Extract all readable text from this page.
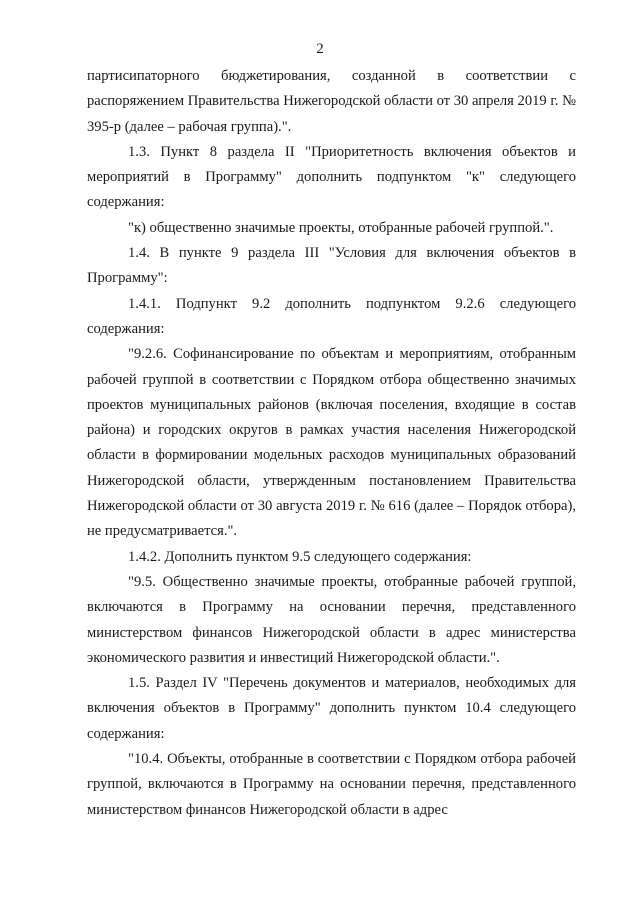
2

партисипаторного бюджетирования, созданной в соответствии с распоряжением Правительства Нижегородской области от 30 апреля 2019 г. № 395-р (далее – рабочая группа).".

1.3. Пункт 8 раздела II "Приоритетность включения объектов и мероприятий в Программу" дополнить подпунктом "к" следующего содержания:

"к) общественно значимые проекты, отобранные рабочей группой.".

1.4. В пункте 9 раздела III "Условия для включения объектов в Программу":

1.4.1. Подпункт 9.2 дополнить подпунктом 9.2.6 следующего содержания:

"9.2.6. Софинансирование по объектам и мероприятиям, отобранным рабочей группой в соответствии с Порядком отбора общественно значимых проектов муниципальных районов (включая поселения, входящие в состав района) и городских округов в рамках участия населения Нижегородской области в формировании модельных расходов муниципальных образований Нижегородской области, утвержденным постановлением Правительства Нижегородской области от 30 августа 2019 г. № 616 (далее – Порядок отбора), не предусматривается.".

1.4.2. Дополнить пунктом 9.5 следующего содержания:

"9.5. Общественно значимые проекты, отобранные рабочей группой, включаются в Программу на основании перечня, представленного министерством финансов Нижегородской области в адрес министерства экономического развития и инвестиций Нижегородской области.".

1.5. Раздел IV "Перечень документов и материалов, необходимых для включения объектов в Программу" дополнить пунктом 10.4 следующего содержания:

"10.4. Объекты, отобранные в соответствии с Порядком отбора рабочей группой, включаются в Программу на основании перечня, представленного министерством финансов Нижегородской области в адрес
